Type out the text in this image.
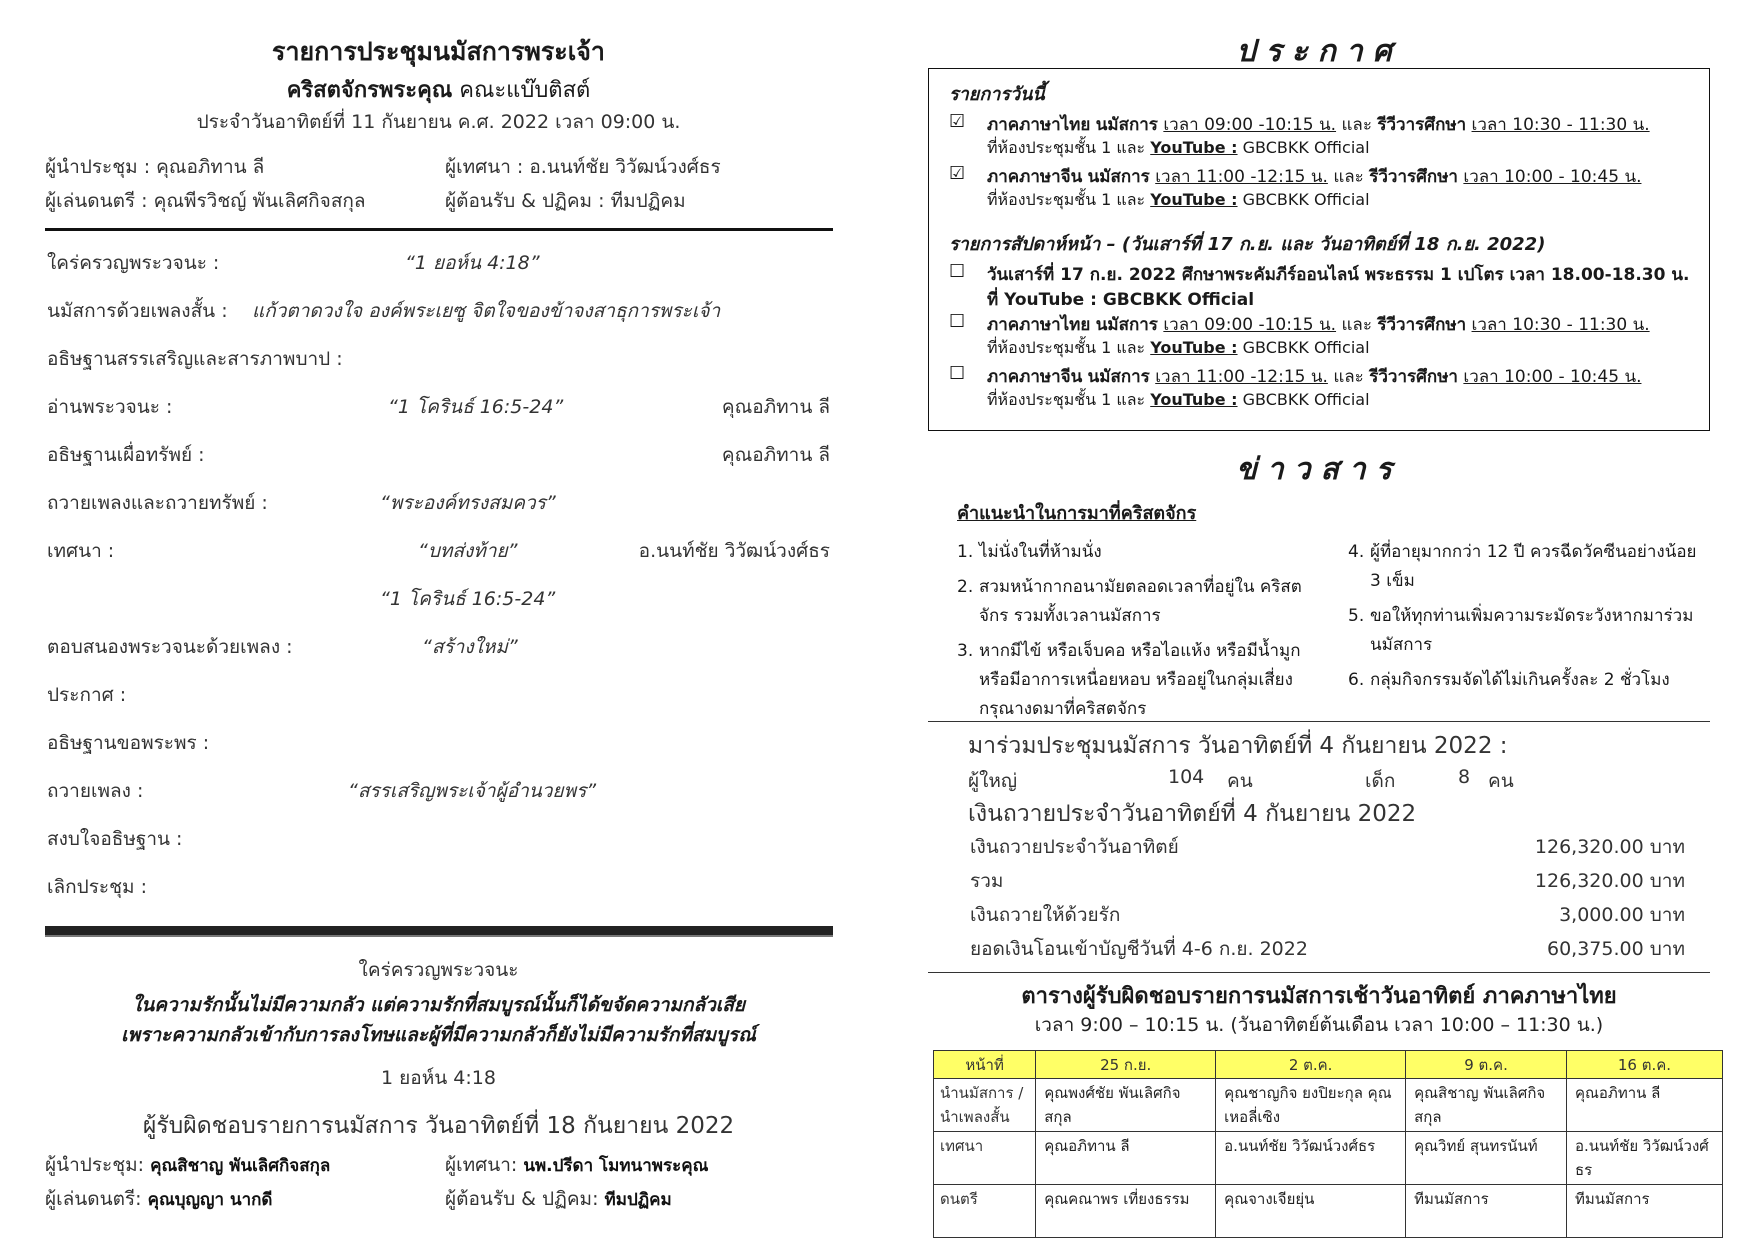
รายการประชุมนมัสการพระเจ้า
คริสตจักรพระคุณ คณะแบ๊บติสต์
ประจำวันอาทิตย์ที่ 11 กันยายน ค.ศ. 2022 เวลา 09:00 น.
ผู้นำประชุม : คุณอภิทาน ลี	ผู้เทศนา : อ.นนท์ชัย วิวัฒน์วงศ์ธร
ผู้เล่นดนตรี : คุณพีรวิชญ์ พันเลิศกิจสกุล	ผู้ต้อนรับ & ปฏิคม : ทีมปฏิคม
ใคร่ครวญพระวจนะ :	“1 ยอห์น 4:18”
นมัสการด้วยเพลงสั้น : แก้วตาดวงใจ องค์พระเยซู จิตใจของข้าจงสาธุการพระเจ้า
อธิษฐานสรรเสริญและสารภาพบาป :
อ่านพระวจนะ :	“1 โครินธ์ 16:5-24”	คุณอภิทาน ลี
อธิษฐานเผื่อทรัพย์ :	คุณอภิทาน ลี
ถวายเพลงและถวายทรัพย์ :	“พระองค์ทรงสมควร”
เทศนา :	“บทส่งท้าย”	อ.นนท์ชัย วิวัฒน์วงศ์ธร
“1 โครินธ์ 16:5-24”
ตอบสนองพระวจนะด้วยเพลง :	“สร้างใหม่”
ประกาศ :
อธิษฐานขอพระพร :
ถวายเพลง :	“สรรเสริญพระเจ้าผู้อำนวยพร”
สงบใจอธิษฐาน :
เลิกประชุม :
ใคร่ครวญพระวจนะ
ในความรักนั้นไม่มีความกลัว แต่ความรักที่สมบูรณ์นั้นก็ได้ขจัดความกลัวเสีย
เพราะความกลัวเข้ากับการลงโทษและผู้ที่มีความกลัวก็ยังไม่มีความรักที่สมบูรณ์
1 ยอห์น 4:18
ผู้รับผิดชอบรายการนมัสการ วันอาทิตย์ที่ 18 กันยายน 2022
ผู้นำประชุม: คุณสิชาญ พันเลิศกิจสกุล	ผู้เทศนา: นพ.ปรีดา โมทนาพระคุณ
ผู้เล่นดนตรี: คุณบุญญา นากดี	ผู้ต้อนรับ & ปฏิคม: ทีมปฏิคม
ประกาศ
รายการวันนี้
☑ ภาคภาษาไทย นมัสการ เวลา 09:00 -10:15 น. และ รีวีวารศึกษา เวลา 10:30 - 11:30 น.
ที่ห้องประชุมชั้น 1 และ YouTube : GBCBKK Official
☑ ภาคภาษาจีน นมัสการ เวลา 11:00 -12:15 น. และ รีวีวารศึกษา เวลา 10:00 - 10:45 น.
ที่ห้องประชุมชั้น 1 และ YouTube : GBCBKK Official
รายการสัปดาห์หน้า – (วันเสาร์ที่ 17 ก.ย. และ วันอาทิตย์ที่ 18 ก.ย. 2022)
☐ วันเสาร์ที่ 17 ก.ย. 2022 ศึกษาพระคัมภีร์ออนไลน์ พระธรรม 1 เปโตร เวลา 18.00-18.30 น.
ที่ YouTube : GBCBKK Official
☐ ภาคภาษาไทย นมัสการ เวลา 09:00 -10:15 น. และ รีวีวารศึกษา เวลา 10:30 - 11:30 น.
ที่ห้องประชุมชั้น 1 และ YouTube : GBCBKK Official
☐ ภาคภาษาจีน นมัสการ เวลา 11:00 -12:15 น. และ รีวีวารศึกษา เวลา 10:00 - 10:45 น.
ที่ห้องประชุมชั้น 1 และ YouTube : GBCBKK Official
ข่าวสาร
คำแนะนำในการมาที่คริสตจักร
1. ไม่นั่งในที่ห้ามนั่ง
2. สวมหน้ากากอนามัยตลอดเวลาที่อยู่ใน คริสตจักร รวมทั้งเวลานมัสการ
3. หากมีไข้ หรือเจ็บคอ หรือไอแห้ง หรือมีน้ำมูก หรือมีอาการเหนื่อยหอบ หรืออยู่ในกลุ่มเสี่ยง กรุณางดมาที่คริสตจักร
4. ผู้ที่อายุมากกว่า 12 ปี ควรฉีดวัคซีนอย่างน้อย 3 เข็ม
5. ขอให้ทุกท่านเพิ่มความระมัดระวังหากมาร่วม นมัสการ
6. กลุ่มกิจกรรมจัดได้ไม่เกินครั้งละ 2 ชั่วโมง
มาร่วมประชุมนมัสการ วันอาทิตย์ที่ 4 กันยายน 2022 :
ผู้ใหญ่	104 คน	เด็ก	8 คน
เงินถวายประจำวันอาทิตย์ที่ 4 กันยายน 2022
เงินถวายประจำวันอาทิตย์	126,320.00 บาท
รวม	126,320.00 บาท
เงินถวายให้ด้วยรัก	3,000.00 บาท
ยอดเงินโอนเข้าบัญชีวันที่ 4-6 ก.ย. 2022	60,375.00 บาท
ตารางผู้รับผิดชอบรายการนมัสการเช้าวันอาทิตย์ ภาคภาษาไทย
เวลา 9:00 – 10:15 น. (วันอาทิตย์ต้นเดือน เวลา 10:00 – 11:30 น.)
หน้าที่	25 ก.ย.	2 ต.ค.	9 ต.ค.	16 ต.ค.
นำนมัสการ /นำเพลงสั้น	คุณพงศ์ชัย พันเลิศกิจสกุล	คุณชาญกิจ ยงปิยะกุล คุณเหอลี่เซิง	คุณสิชาญ พันเลิศกิจสกุล	คุณอภิทาน ลี
เทศนา	คุณอภิทาน ลี	อ.นนท์ชัย วิวัฒน์วงศ์ธร	คุณวิทย์ สุนทรนันท์	อ.นนท์ชัย วิวัฒน์วงศ์ธร
ดนตรี	คุณคณาพร เที่ยงธรรม	คุณจางเจียยุ่น	ทีมนมัสการ	ทีมนมัสการ
